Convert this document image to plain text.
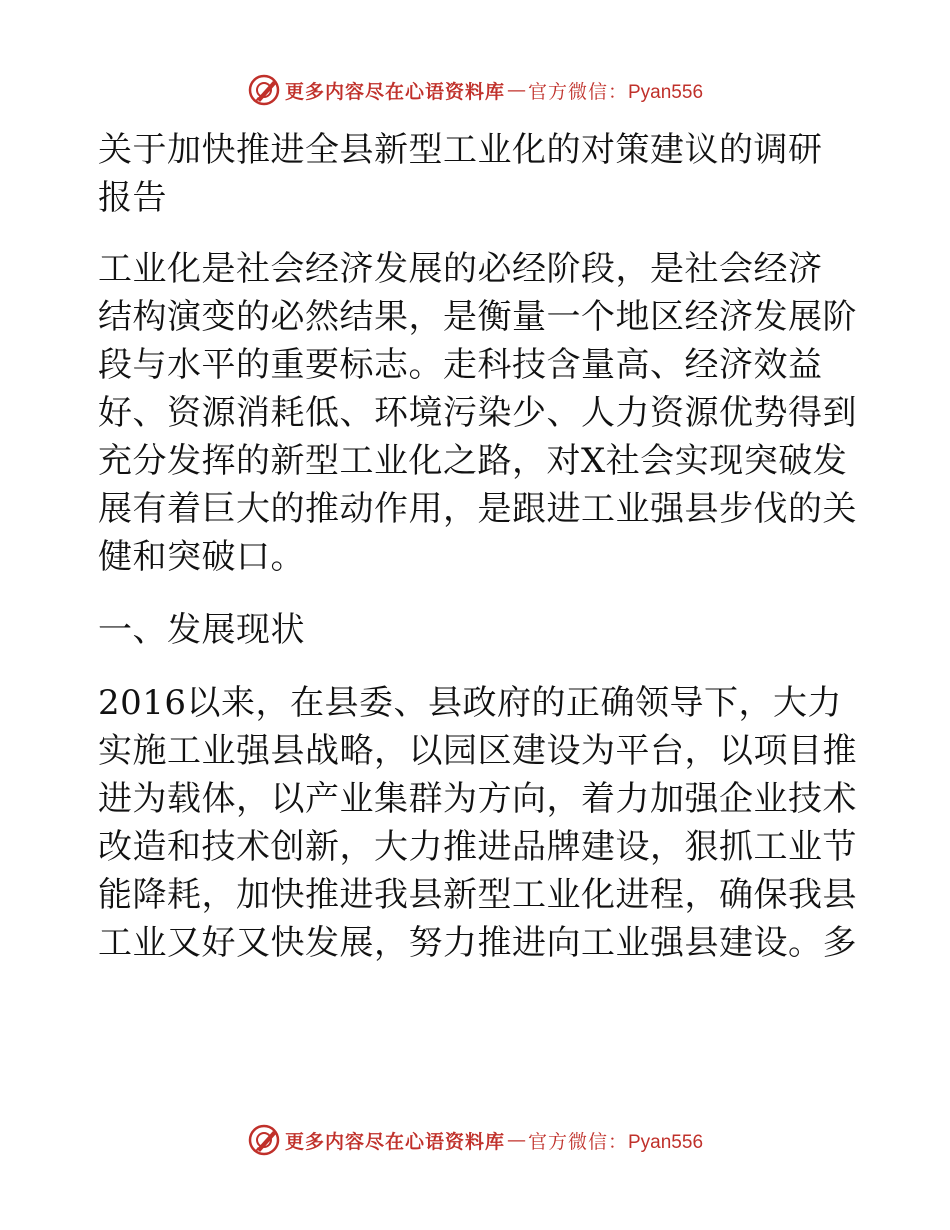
更多内容尽在心语资料库 — 官方微信：Pyan556
关于加快推进全县新型工业化的对策建议的调研
报告
工业化是社会经济发展的必经阶段，是社会经济
结构演变的必然结果，是衡量一个地区经济发展阶
段与水平的重要标志。走科技含量高、经济效益
好、资源消耗低、环境污染少、人力资源优势得到
充分发挥的新型工业化之路，对X社会实现突破发
展有着巨大的推动作用，是跟进工业强县步伐的关
健和突破口。
一、发展现状
2016以来，在县委、县政府的正确领导下，大力
实施工业强县战略，以园区建设为平台，以项目推
进为载体，以产业集群为方向，着力加强企业技术
改造和技术创新，大力推进品牌建设，狠抓工业节
能降耗，加快推进我县新型工业化进程，确保我县
工业又好又快发展，努力推进向工业强县建设。多
更多内容尽在心语资料库 — 官方微信：Pyan556
